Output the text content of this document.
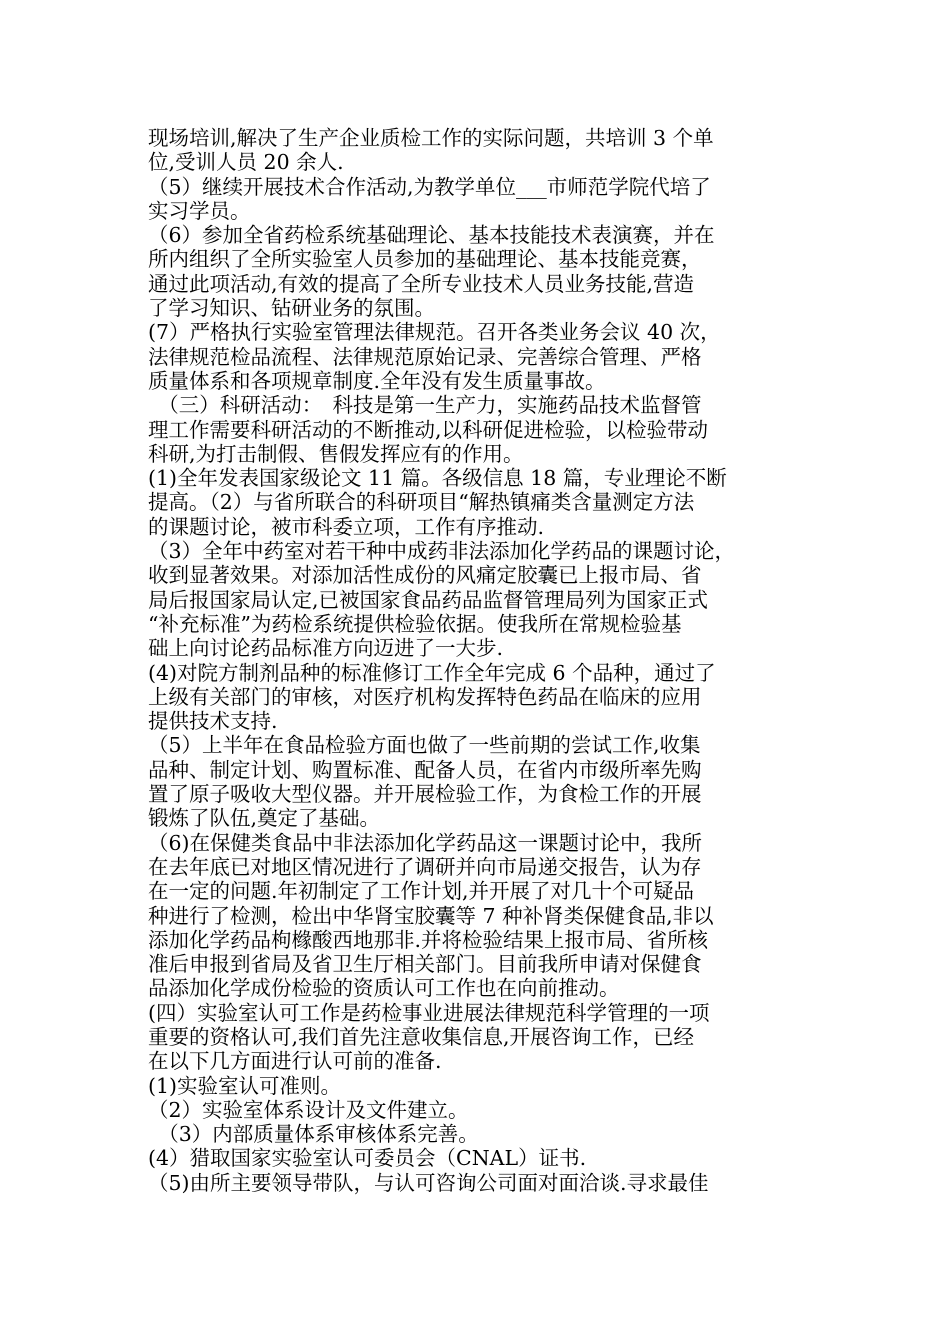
现场培训,解决了生产企业质检工作的实际问题，共培训 3 个单
位,受训人员 20 余人.
（5）继续开展技术合作活动,为教学单位___市师范学院代培了
实习学员。
（6）参加全省药检系统基础理论、基本技能技术表演赛，并在
所内组织了全所实验室人员参加的基础理论、基本技能竞赛，
通过此项活动,有效的提高了全所专业技术人员业务技能,营造
了学习知识、钻研业务的氛围。
(7）严格执行实验室管理法律规范。召开各类业务会议 40 次，
法律规范检品流程、法律规范原始记录、完善综合管理、严格
质量体系和各项规章制度.全年没有发生质量事故。
　（三）科研活动：　科技是第一生产力，实施药品技术监督管
理工作需要科研活动的不断推动,以科研促进检验，以检验带动
科研,为打击制假、售假发挥应有的作用。
(1)全年发表国家级论文 11 篇。各级信息 18 篇，专业理论不断
提高。（2）与省所联合的科研项目“解热镇痛类含量测定方法
的课题讨论，被市科委立项，工作有序推动.
（3）全年中药室对若干种中成药非法添加化学药品的课题讨论，
收到显著效果。对添加活性成份的风痛定胶囊已上报市局、省
局后报国家局认定,已被国家食品药品监督管理局列为国家正式
“补充标准”为药检系统提供检验依据。使我所在常规检验基
础上向讨论药品标准方向迈进了一大步.
(4)对院方制剂品种的标准修订工作全年完成 6 个品种，通过了
上级有关部门的审核，对医疗机构发挥特色药品在临床的应用
提供技术支持.
（5）上半年在食品检验方面也做了一些前期的尝试工作,收集
品种、制定计划、购置标准、配备人员，在省内市级所率先购
置了原子吸收大型仪器。并开展检验工作，为食检工作的开展
锻炼了队伍,奠定了基础。
（6)在保健类食品中非法添加化学药品这一课题讨论中，我所
在去年底已对地区情况进行了调研并向市局递交报告，认为存
在一定的问题.年初制定了工作计划,并开展了对几十个可疑品
种进行了检测，检出中华肾宝胶囊等 7 种补肾类保健食品,非以
添加化学药品枸橼酸西地那非.并将检验结果上报市局、省所核
准后申报到省局及省卫生厅相关部门。目前我所申请对保健食
品添加化学成份检验的资质认可工作也在向前推动。
(四）实验室认可工作是药检事业进展法律规范科学管理的一项
重要的资格认可,我们首先注意收集信息,开展咨询工作，已经
在以下几方面进行认可前的准备.
(1)实验室认可准则。
（2）实验室体系设计及文件建立。
　（3）内部质量体系审核体系完善。
(4）猎取国家实验室认可委员会（CNAL）证书.
（5)由所主要领导带队，与认可咨询公司面对面洽谈.寻求最佳
